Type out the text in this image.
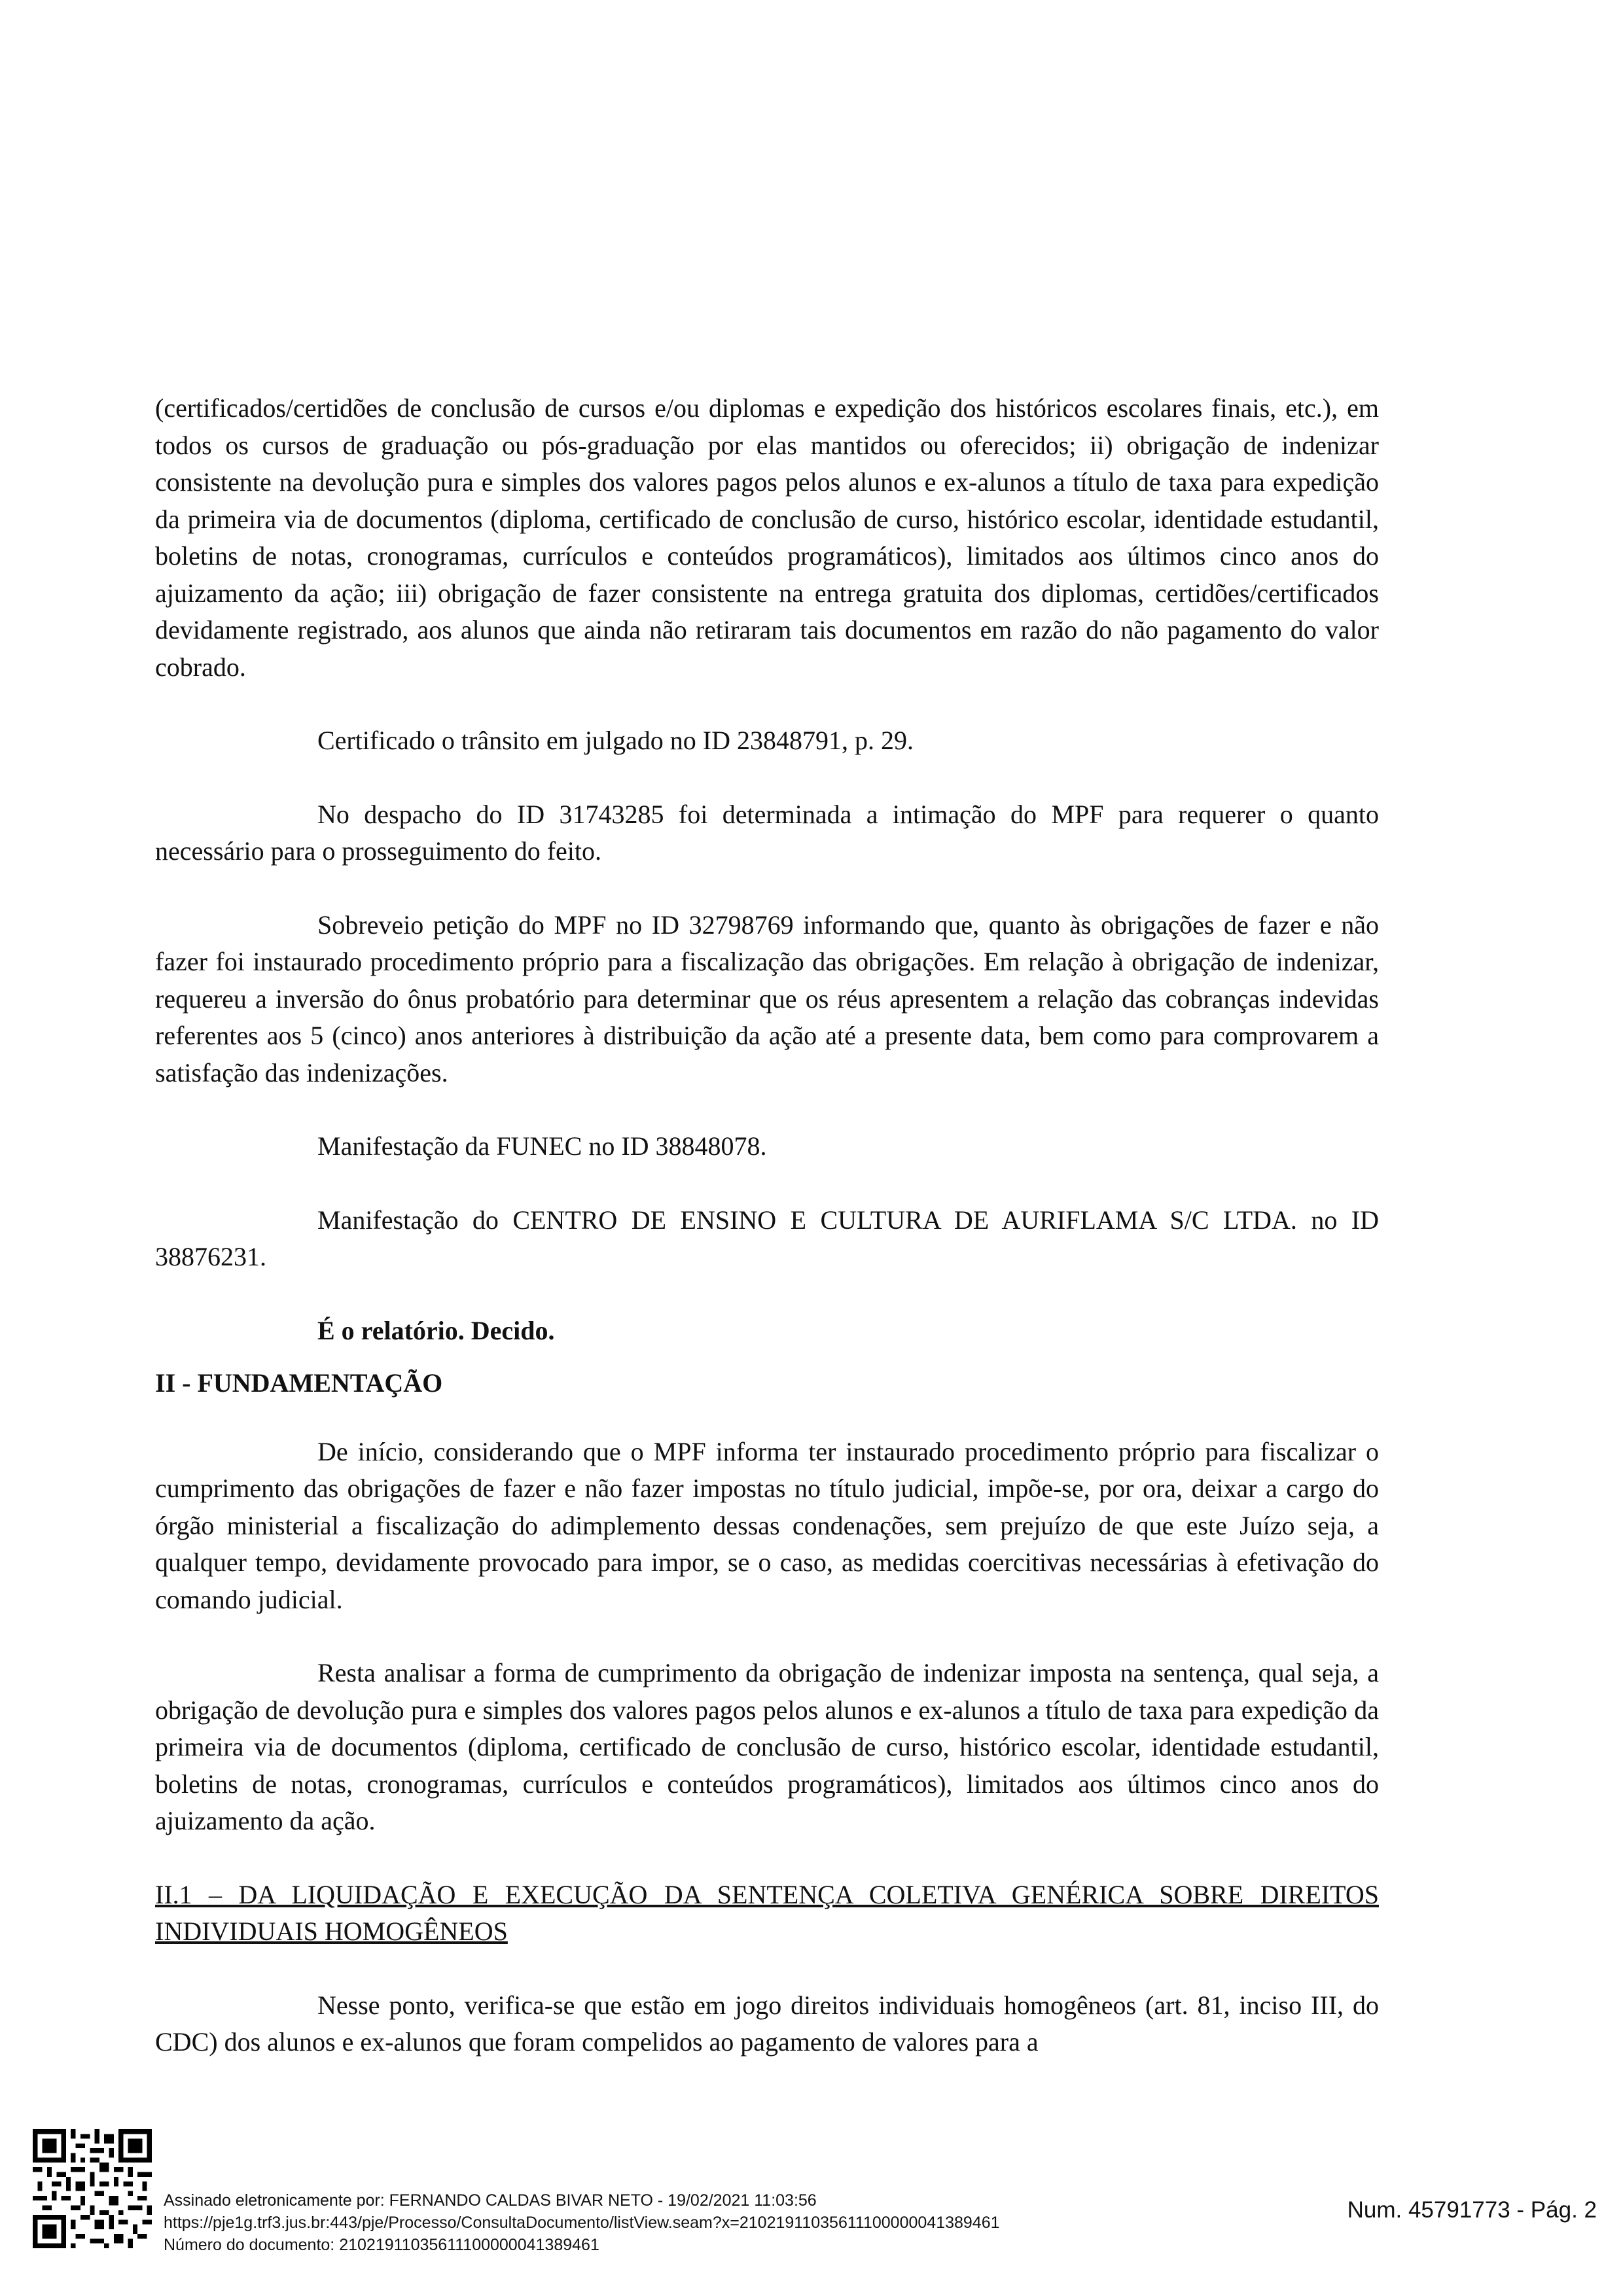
(certificados/certidões de conclusão de cursos e/ou diplomas e expedição dos históricos escolares finais, etc.), em todos os cursos de graduação ou pós-graduação por elas mantidos ou oferecidos; ii) obrigação de indenizar consistente na devolução pura e simples dos valores pagos pelos alunos e ex-alunos a título de taxa para expedição da primeira via de documentos (diploma, certificado de conclusão de curso, histórico escolar, identidade estudantil, boletins de notas, cronogramas, currículos e conteúdos programáticos), limitados aos últimos cinco anos do ajuizamento da ação; iii) obrigação de fazer consistente na entrega gratuita dos diplomas, certidões/certificados devidamente registrado, aos alunos que ainda não retiraram tais documentos em razão do não pagamento do valor cobrado.

Certificado o trânsito em julgado no ID 23848791, p. 29.

No despacho do ID 31743285 foi determinada a intimação do MPF para requerer o quanto necessário para o prosseguimento do feito.

Sobreveio petição do MPF no ID 32798769 informando que, quanto às obrigações de fazer e não fazer foi instaurado procedimento próprio para a fiscalização das obrigações. Em relação à obrigação de indenizar, requereu a inversão do ônus probatório para determinar que os réus apresentem a relação das cobranças indevidas referentes aos 5 (cinco) anos anteriores à distribuição da ação até a presente data, bem como para comprovarem a satisfação das indenizações.

Manifestação da FUNEC no ID 38848078.

Manifestação do CENTRO DE ENSINO E CULTURA DE AURIFLAMA S/C LTDA. no ID 38876231.

É o relatório. Decido.

II - FUNDAMENTAÇÃO

De início, considerando que o MPF informa ter instaurado procedimento próprio para fiscalizar o cumprimento das obrigações de fazer e não fazer impostas no título judicial, impõe-se, por ora, deixar a cargo do órgão ministerial a fiscalização do adimplemento dessas condenações, sem prejuízo de que este Juízo seja, a qualquer tempo, devidamente provocado para impor, se o caso, as medidas coercitivas necessárias à efetivação do comando judicial.

Resta analisar a forma de cumprimento da obrigação de indenizar imposta na sentença, qual seja, a obrigação de devolução pura e simples dos valores pagos pelos alunos e ex-alunos a título de taxa para expedição da primeira via de documentos (diploma, certificado de conclusão de curso, histórico escolar, identidade estudantil, boletins de notas, cronogramas, currículos e conteúdos programáticos), limitados aos últimos cinco anos do ajuizamento da ação.

II.1 – DA LIQUIDAÇÃO E EXECUÇÃO DA SENTENÇA COLETIVA GENÉRICA SOBRE DIREITOS INDIVIDUAIS HOMOGÊNEOS

Nesse ponto, verifica-se que estão em jogo direitos individuais homogêneos (art. 81, inciso III, do CDC) dos alunos e ex-alunos que foram compelidos ao pagamento de valores para a

Assinado eletronicamente por: FERNANDO CALDAS BIVAR NETO - 19/02/2021 11:03:56
https://pje1g.trf3.jus.br:443/pje/Processo/ConsultaDocumento/listView.seam?x=21021911035611100000041389461
Número do documento: 21021911035611100000041389461
Num. 45791773 - Pág. 2
